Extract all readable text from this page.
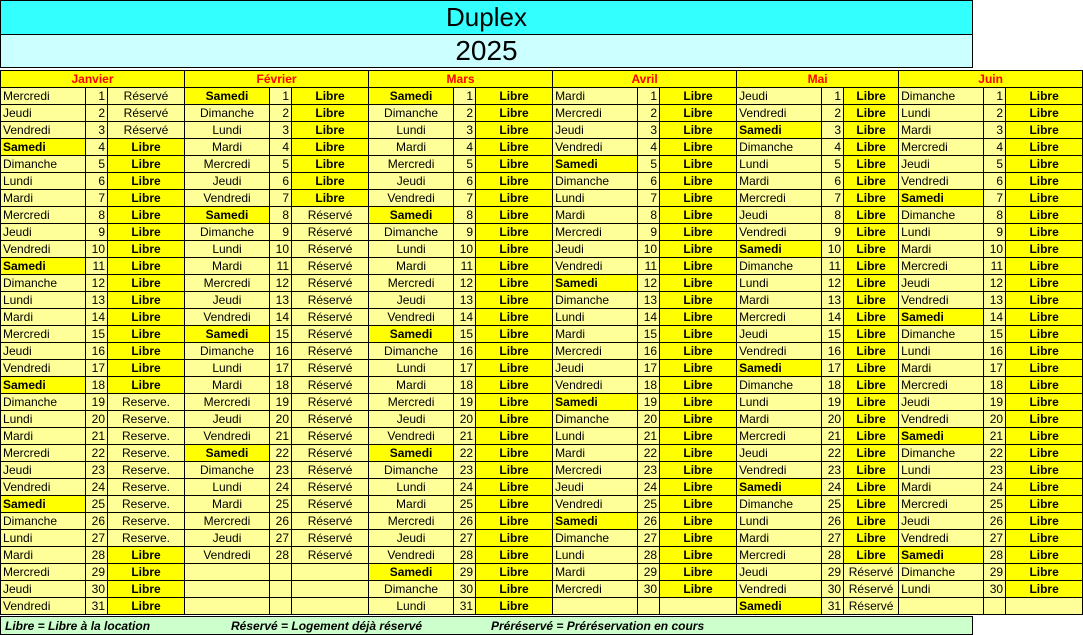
Duplex
2025
Janvier			Février			Mars			Avril			Mai			Juin		
Mercredi	1	Réservé	Samedi	1	Libre	Samedi	1	Libre	Mardi	1	Libre	Jeudi	1	Libre	Dimanche	1	Libre
Jeudi	2	Réservé	Dimanche	2	Libre	Dimanche	2	Libre	Mercredi	2	Libre	Vendredi	2	Libre	Lundi	2	Libre
Vendredi	3	Réservé	Lundi	3	Libre	Lundi	3	Libre	Jeudi	3	Libre	Samedi	3	Libre	Mardi	3	Libre
Samedi	4	Libre	Mardi	4	Libre	Mardi	4	Libre	Vendredi	4	Libre	Dimanche	4	Libre	Mercredi	4	Libre
Dimanche	5	Libre	Mercredi	5	Libre	Mercredi	5	Libre	Samedi	5	Libre	Lundi	5	Libre	Jeudi	5	Libre
Lundi	6	Libre	Jeudi	6	Libre	Jeudi	6	Libre	Dimanche	6	Libre	Mardi	6	Libre	Vendredi	6	Libre
Mardi	7	Libre	Vendredi	7	Libre	Vendredi	7	Libre	Lundi	7	Libre	Mercredi	7	Libre	Samedi	7	Libre
Mercredi	8	Libre	Samedi	8	Réservé	Samedi	8	Libre	Mardi	8	Libre	Jeudi	8	Libre	Dimanche	8	Libre
Jeudi	9	Libre	Dimanche	9	Réservé	Dimanche	9	Libre	Mercredi	9	Libre	Vendredi	9	Libre	Lundi	9	Libre
Vendredi	10	Libre	Lundi	10	Réservé	Lundi	10	Libre	Jeudi	10	Libre	Samedi	10	Libre	Mardi	10	Libre
Samedi	11	Libre	Mardi	11	Réservé	Mardi	11	Libre	Vendredi	11	Libre	Dimanche	11	Libre	Mercredi	11	Libre
Dimanche	12	Libre	Mercredi	12	Réservé	Mercredi	12	Libre	Samedi	12	Libre	Lundi	12	Libre	Jeudi	12	Libre
Lundi	13	Libre	Jeudi	13	Réservé	Jeudi	13	Libre	Dimanche	13	Libre	Mardi	13	Libre	Vendredi	13	Libre
Mardi	14	Libre	Vendredi	14	Réservé	Vendredi	14	Libre	Lundi	14	Libre	Mercredi	14	Libre	Samedi	14	Libre
Mercredi	15	Libre	Samedi	15	Réservé	Samedi	15	Libre	Mardi	15	Libre	Jeudi	15	Libre	Dimanche	15	Libre
Jeudi	16	Libre	Dimanche	16	Réservé	Dimanche	16	Libre	Mercredi	16	Libre	Vendredi	16	Libre	Lundi	16	Libre
Vendredi	17	Libre	Lundi	17	Réservé	Lundi	17	Libre	Jeudi	17	Libre	Samedi	17	Libre	Mardi	17	Libre
Samedi	18	Libre	Mardi	18	Réservé	Mardi	18	Libre	Vendredi	18	Libre	Dimanche	18	Libre	Mercredi	18	Libre
Dimanche	19	Reserve.	Mercredi	19	Réservé	Mercredi	19	Libre	Samedi	19	Libre	Lundi	19	Libre	Jeudi	19	Libre
Lundi	20	Reserve.	Jeudi	20	Réservé	Jeudi	20	Libre	Dimanche	20	Libre	Mardi	20	Libre	Vendredi	20	Libre
Mardi	21	Reserve.	Vendredi	21	Réservé	Vendredi	21	Libre	Lundi	21	Libre	Mercredi	21	Libre	Samedi	21	Libre
Mercredi	22	Reserve.	Samedi	22	Réservé	Samedi	22	Libre	Mardi	22	Libre	Jeudi	22	Libre	Dimanche	22	Libre
Jeudi	23	Reserve.	Dimanche	23	Réservé	Dimanche	23	Libre	Mercredi	23	Libre	Vendredi	23	Libre	Lundi	23	Libre
Vendredi	24	Reserve.	Lundi	24	Réservé	Lundi	24	Libre	Jeudi	24	Libre	Samedi	24	Libre	Mardi	24	Libre
Samedi	25	Reserve.	Mardi	25	Réservé	Mardi	25	Libre	Vendredi	25	Libre	Dimanche	25	Libre	Mercredi	25	Libre
Dimanche	26	Reserve.	Mercredi	26	Réservé	Mercredi	26	Libre	Samedi	26	Libre	Lundi	26	Libre	Jeudi	26	Libre
Lundi	27	Reserve.	Jeudi	27	Réservé	Jeudi	27	Libre	Dimanche	27	Libre	Mardi	27	Libre	Vendredi	27	Libre
Mardi	28	Libre	Vendredi	28	Réservé	Vendredi	28	Libre	Lundi	28	Libre	Mercredi	28	Libre	Samedi	28	Libre
Mercredi	29	Libre				Samedi	29	Libre	Mardi	29	Libre	Jeudi	29	Réservé	Dimanche	29	Libre
Jeudi	30	Libre				Dimanche	30	Libre	Mercredi	30	Libre	Vendredi	30	Réservé	Lundi	30	Libre
Vendredi	31	Libre				Lundi	31	Libre				Samedi	31	Réservé			
Libre = Libre à la location	Réservé = Logement déjà réservé	Préréservé = Préréservation en cours
